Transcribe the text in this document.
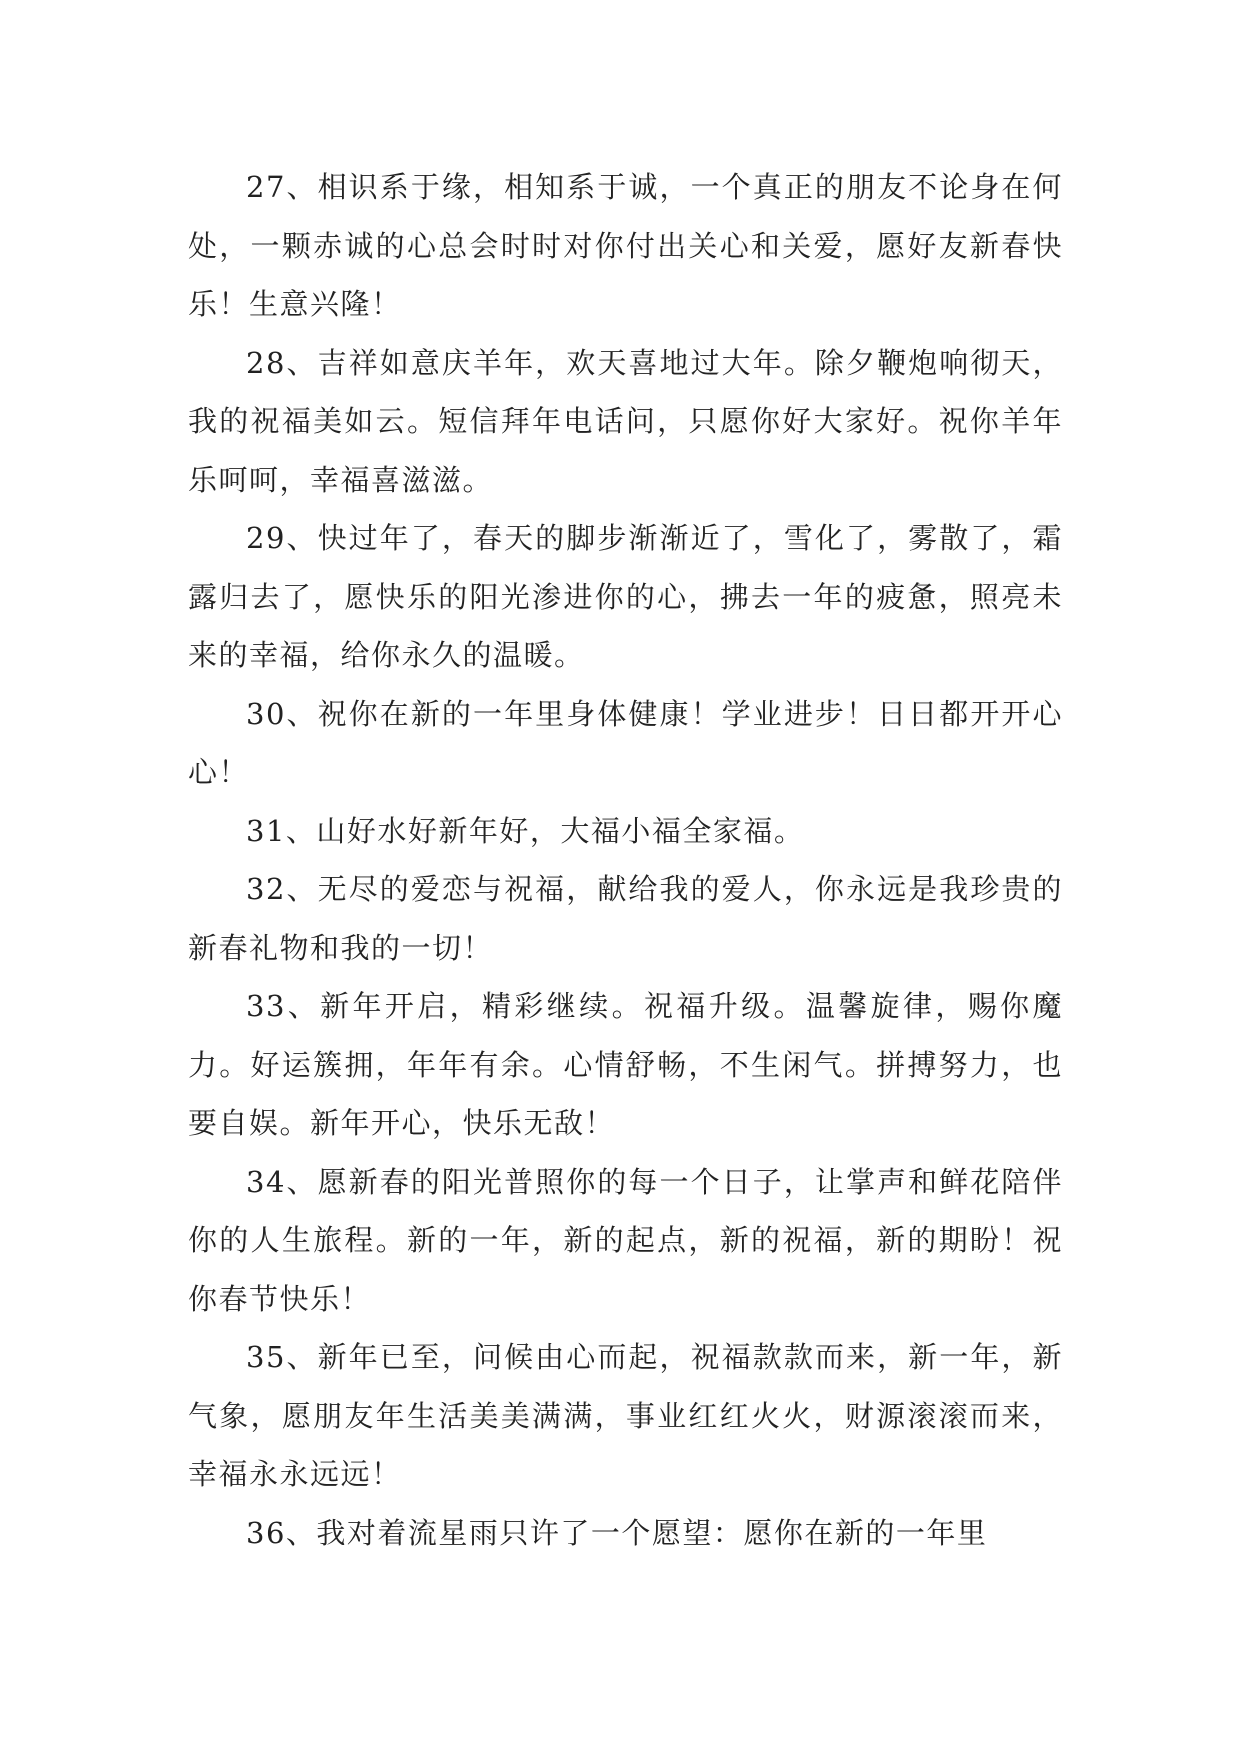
27、相识系于缘，相知系于诚，一个真正的朋友不论身在何处，一颗赤诚的心总会时时对你付出关心和关爱，愿好友新春快乐！生意兴隆！

28、吉祥如意庆羊年，欢天喜地过大年。除夕鞭炮响彻天，我的祝福美如云。短信拜年电话问，只愿你好大家好。祝你羊年乐呵呵，幸福喜滋滋。

29、快过年了，春天的脚步渐渐近了，雪化了，雾散了，霜露归去了，愿快乐的阳光渗进你的心，拂去一年的疲惫，照亮未来的幸福，给你永久的温暖。

30、祝你在新的一年里身体健康！学业进步！日日都开开心心！

31、山好水好新年好，大福小福全家福。

32、无尽的爱恋与祝福，献给我的爱人，你永远是我珍贵的新春礼物和我的一切！

33、新年开启，精彩继续。祝福升级。温馨旋律，赐你魔力。好运簇拥，年年有余。心情舒畅，不生闲气。拼搏努力，也要自娱。新年开心，快乐无敌！

34、愿新春的阳光普照你的每一个日子，让掌声和鲜花陪伴你的人生旅程。新的一年，新的起点，新的祝福，新的期盼！祝你春节快乐！

35、新年已至，问候由心而起，祝福款款而来，新一年，新气象，愿朋友年生活美美满满，事业红红火火，财源滚滚而来，幸福永永远远！

36、我对着流星雨只许了一个愿望：愿你在新的一年里
